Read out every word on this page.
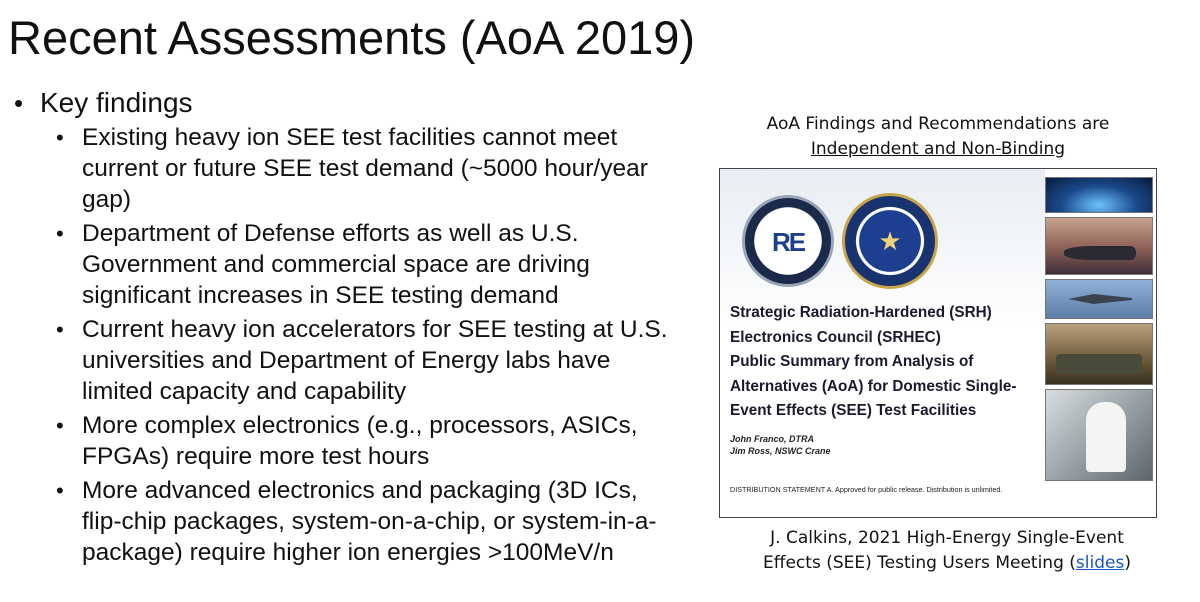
Recent Assessments (AoA 2019)
• Key findings
• Existing heavy ion SEE test facilities cannot meet current or future SEE test demand (~5000 hour/year gap)
• Department of Defense efforts as well as U.S. Government and commercial space are driving significant increases in SEE testing demand
• Current heavy ion accelerators for SEE testing at U.S. universities and Department of Energy labs have limited capacity and capability
• More complex electronics (e.g., processors, ASICs, FPGAs) require more test hours
• More advanced electronics and packaging (3D ICs, flip-chip packages, system-on-a-chip, or system-in-a-package) require higher ion energies >100MeV/n
AoA Findings and Recommendations are
Independent and Non-Binding
RE	★
Strategic Radiation-Hardened (SRH)
Electronics Council (SRHEC)
Public Summary from Analysis of
Alternatives (AoA) for Domestic Single-
Event Effects (SEE) Test Facilities
John Franco, DTRA
Jim Ross, NSWC Crane
DISTRIBUTION STATEMENT A. Approved for public release. Distribution is unlimited.
J. Calkins, 2021 High-Energy Single-Event
Effects (SEE) Testing Users Meeting (slides)
